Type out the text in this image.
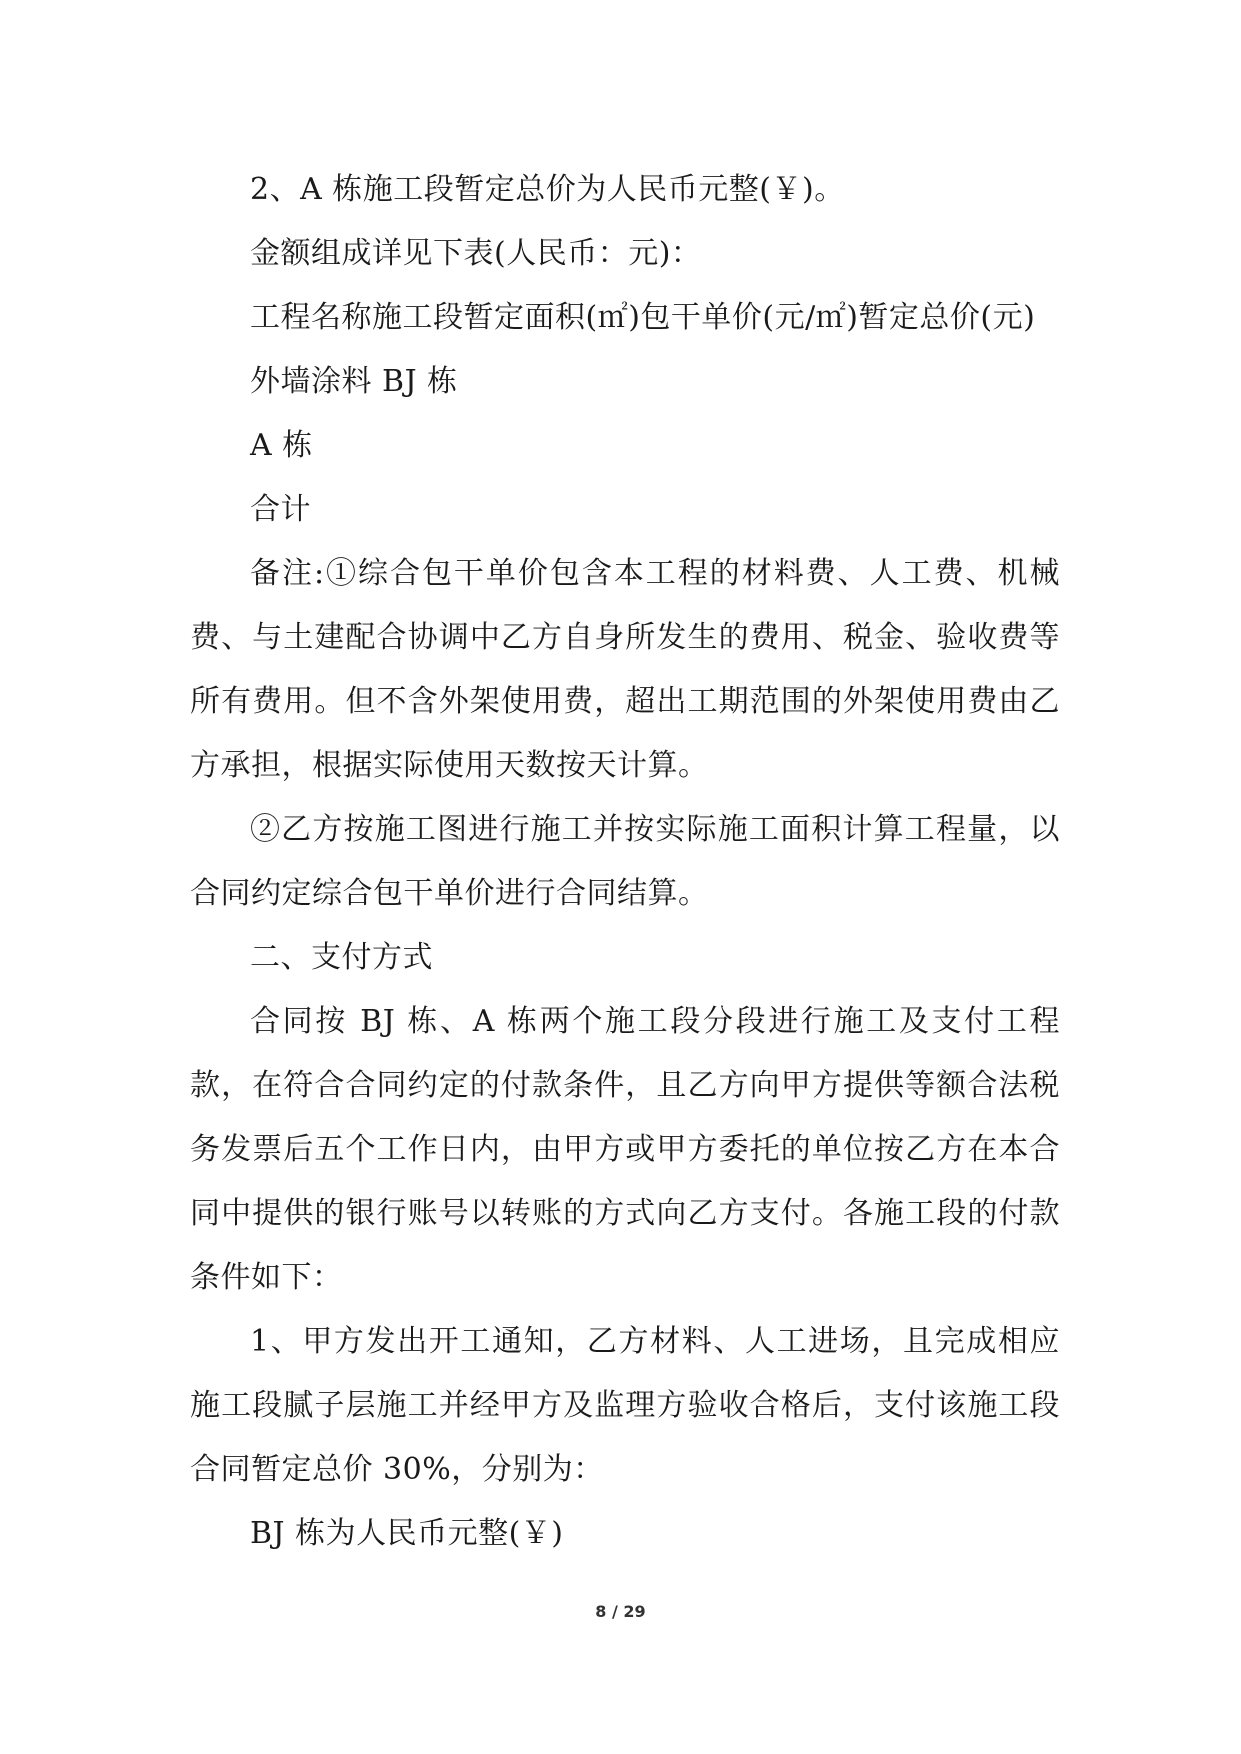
2、A 栋施工段暂定总价为人民币元整(￥)。
金额组成详见下表(人民币：元)：
工程名称施工段暂定面积(㎡)包干单价(元/㎡)暂定总价(元)
外墙涂料 BJ 栋
A 栋
合计

备注:①综合包干单价包含本工程的材料费、人工费、机械费、与土建配合协调中乙方自身所发生的费用、税金、验收费等所有费用。但不含外架使用费，超出工期范围的外架使用费由乙方承担，根据实际使用天数按天计算。

②乙方按施工图进行施工并按实际施工面积计算工程量，以合同约定综合包干单价进行合同结算。

二、支付方式

合同按 BJ 栋、A 栋两个施工段分段进行施工及支付工程款，在符合合同约定的付款条件，且乙方向甲方提供等额合法税务发票后五个工作日内，由甲方或甲方委托的单位按乙方在本合同中提供的银行账号以转账的方式向乙方支付。各施工段的付款条件如下：

1、甲方发出开工通知，乙方材料、人工进场，且完成相应施工段腻子层施工并经甲方及监理方验收合格后，支付该施工段合同暂定总价 30%，分别为：

BJ 栋为人民币元整(￥)

8 / 29
